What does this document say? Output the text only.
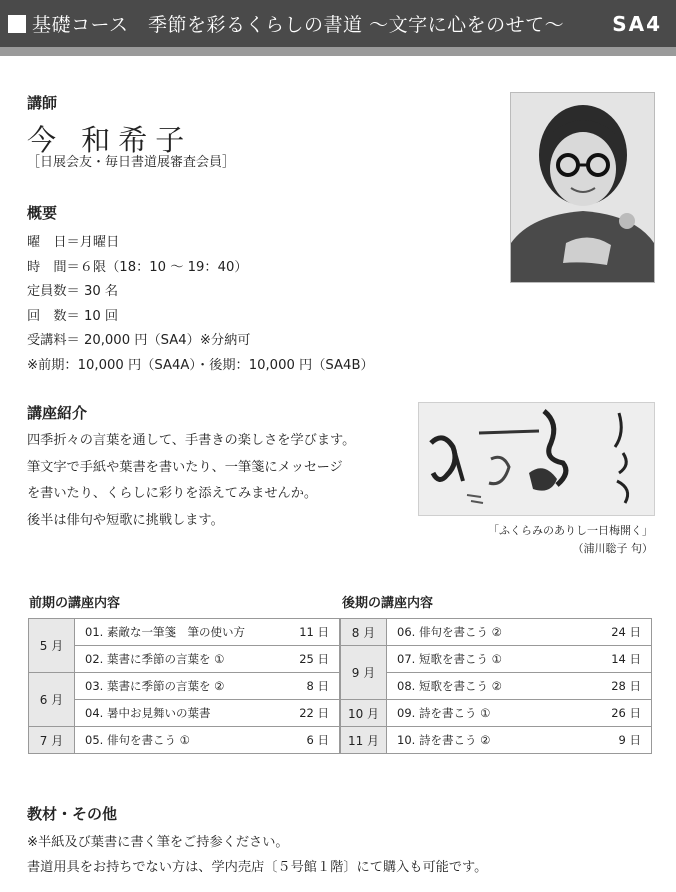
基礎コース　季節を彩るくらしの書道 ～文字に心をのせて～ SA4
講師
今 和希子
［日展会友・毎日書道展審査会員］
概要
曜　日＝月曜日
時　間＝６限（18：10 ～ 19：40）
定員数＝ 30 名
回　数＝ 10 回
受講料＝ 20,000 円（SA4）※分納可
※前期：10,000 円（SA4A）・後期：10,000 円（SA4B）
講座紹介
四季折々の言葉を通して、手書きの楽しさを学びます。
筆文字で手紙や葉書を書いたり、一筆箋にメッセージ
を書いたり、くらしに彩りを添えてみませんか。
後半は俳句や短歌に挑戦します。
「ふくらみのありし一日梅開く」
（浦川聡子 句）
前期の講座内容	後期の講座内容
5 月	01. 素敵な一筆箋　筆の使い方	11 日
	02. 葉書に季節の言葉を ①	25 日
6 月	03. 葉書に季節の言葉を ②	8 日
	04. 暑中お見舞いの葉書	22 日
7 月	05. 俳句を書こう ①	6 日
8 月	06. 俳句を書こう ②	24 日
9 月	07. 短歌を書こう ①	14 日
	08. 短歌を書こう ②	28 日
10 月	09. 詩を書こう ①	26 日
11 月	10. 詩を書こう ②	9 日
教材・その他
※半紙及び葉書に書く筆をご持参ください。
書道用具をお持ちでない方は、学内売店〔５号館１階〕にて購入も可能です。
